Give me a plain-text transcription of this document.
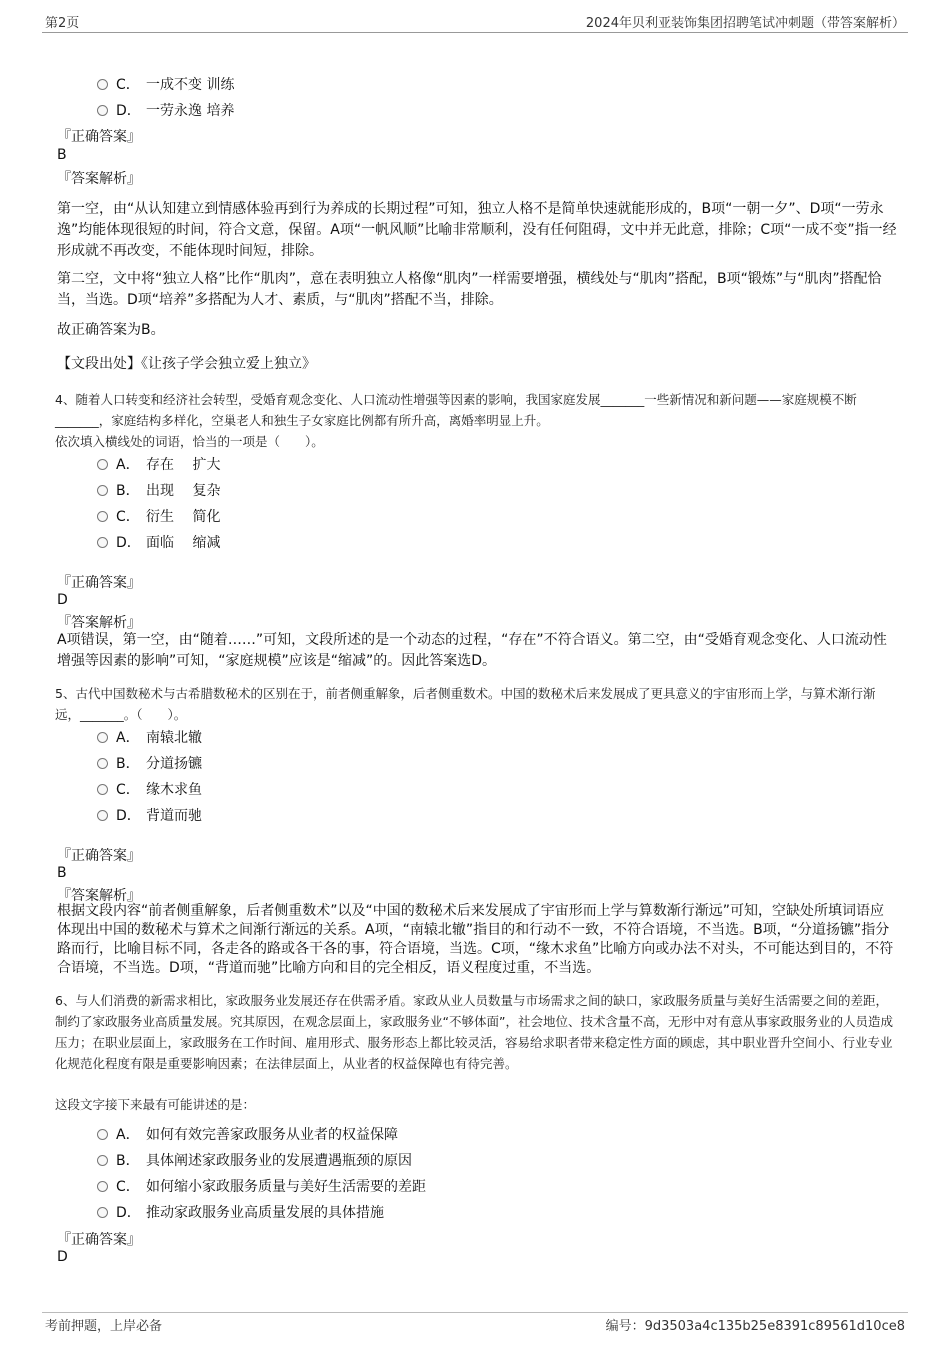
第2页	2024年贝利亚装饰集团招聘笔试冲刺题（带答案解析）
C． 一成不变 训练
D． 一劳永逸 培养
『正确答案』
B
『答案解析』
第一空，由“从认知建立到情感体验再到行为养成的长期过程”可知，独立人格不是简单快速就能形成的，B项“一朝一夕”、D项“一劳永逸”均能体现很短的时间，符合文意，保留。A项“一帆风顺”比喻非常顺利，没有任何阻碍，文中并无此意，排除；C项“一成不变”指一经形成就不再改变，不能体现时间短，排除。
第二空，文中将“独立人格”比作“肌肉”，意在表明独立人格像“肌肉”一样需要增强，横线处与“肌肉”搭配，B项“锻炼”与“肌肉”搭配恰当，当选。D项“培养”多搭配为人才、素质，与“肌肉”搭配不当，排除。
故正确答案为B。
【文段出处】《让孩子学会独立爱上独立》
4、随着人口转变和经济社会转型，受婚育观念变化、人口流动性增强等因素的影响，我国家庭发展_______一些新情况和新问题——家庭规模不断_______，家庭结构多样化，空巢老人和独生子女家庭比例都有所升高，离婚率明显上升。
依次填入横线处的词语，恰当的一项是（　　）。
A． 存在　 扩大
B． 出现　 复杂
C． 衍生　 简化
D． 面临　 缩减
『正确答案』
D
『答案解析』
A项错误，第一空，由“随着……”可知，文段所述的是一个动态的过程，“存在”不符合语义。第二空，由“受婚育观念变化、人口流动性增强等因素的影响”可知，“家庭规模”应该是“缩减”的。因此答案选D。
5、古代中国数秘术与古希腊数秘术的区别在于，前者侧重解象，后者侧重数术。中国的数秘术后来发展成了更具意义的宇宙形而上学，与算术渐行渐远，_______。（　　）。
A． 南辕北辙
B． 分道扬镳
C． 缘木求鱼
D． 背道而驰
『正确答案』
B
『答案解析』
根据文段内容“前者侧重解象，后者侧重数术”以及“中国的数秘术后来发展成了宇宙形而上学与算数渐行渐远”可知，空缺处所填词语应体现出中国的数秘术与算术之间渐行渐远的关系。A项，“南辕北辙”指目的和行动不一致，不符合语境，不当选。B项，“分道扬镳”指分路而行，比喻目标不同，各走各的路或各干各的事，符合语境，当选。C项，“缘木求鱼”比喻方向或办法不对头，不可能达到目的，不符合语境，不当选。D项，“背道而驰”比喻方向和目的完全相反，语义程度过重，不当选。
6、与人们消费的新需求相比，家政服务业发展还存在供需矛盾。家政从业人员数量与市场需求之间的缺口，家政服务质量与美好生活需要之间的差距，制约了家政服务业高质量发展。究其原因，在观念层面上，家政服务业“不够体面”，社会地位、技术含量不高，无形中对有意从事家政服务业的人员造成压力；在职业层面上，家政服务在工作时间、雇用形式、服务形态上都比较灵活，容易给求职者带来稳定性方面的顾虑，其中职业晋升空间小、行业专业化规范化程度有限是重要影响因素；在法律层面上，从业者的权益保障也有待完善。
这段文字接下来最有可能讲述的是：
A． 如何有效完善家政服务从业者的权益保障
B． 具体阐述家政服务业的发展遭遇瓶颈的原因
C． 如何缩小家政服务质量与美好生活需要的差距
D． 推动家政服务业高质量发展的具体措施
『正确答案』
D
考前押题，上岸必备	编号：9d3503a4c135b25e8391c89561d10ce8
